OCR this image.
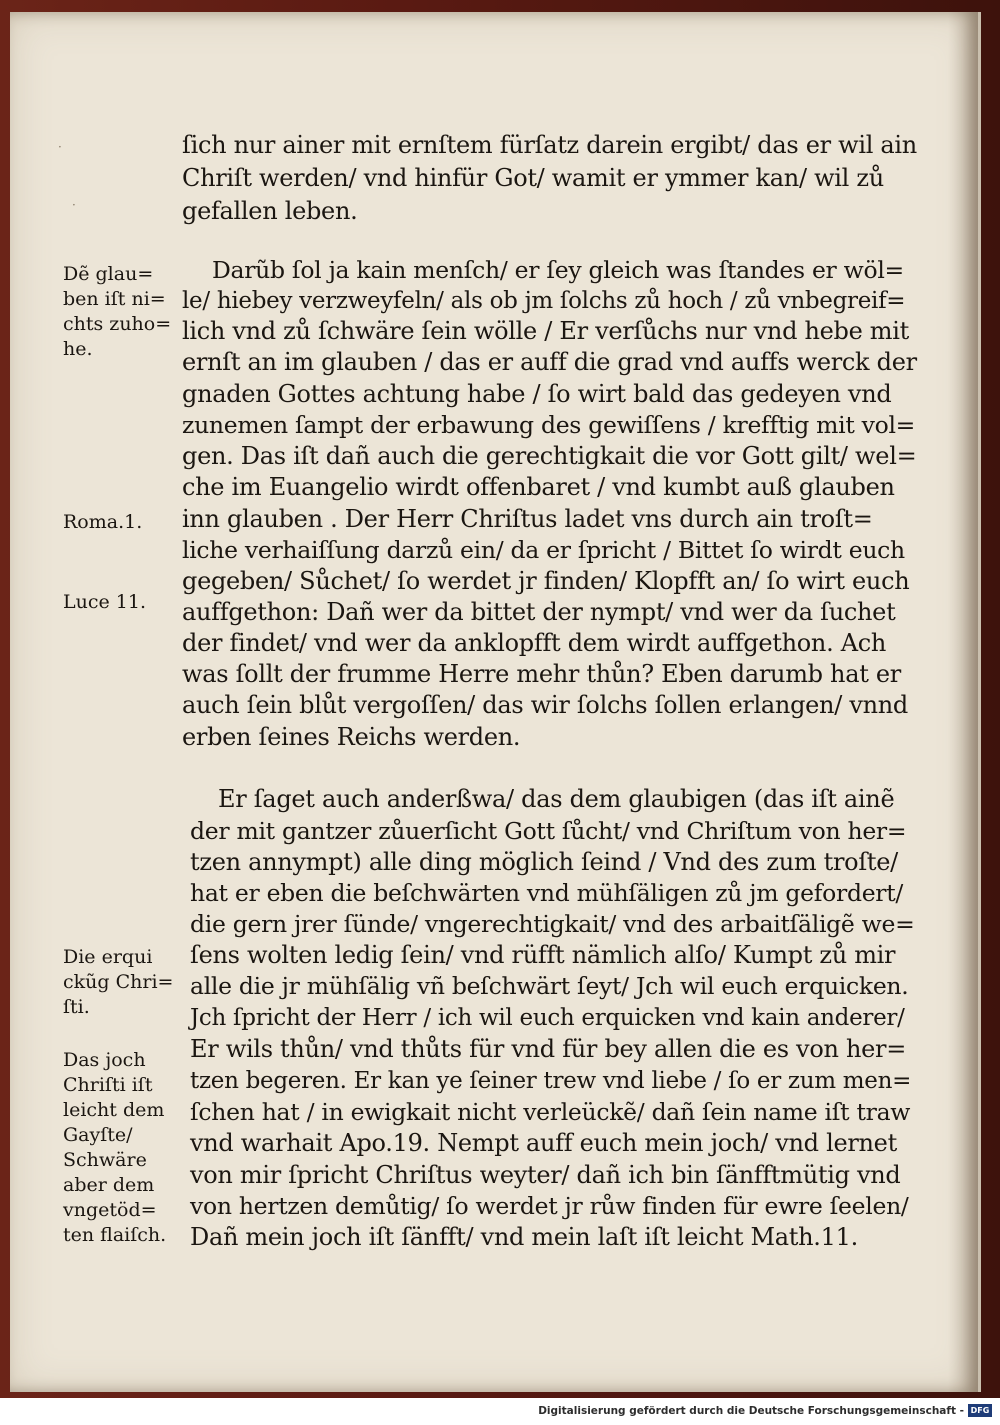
·
·
ſich nur ainer mit ernſtem fürſatz darein ergibt/ das er wil ain
Chriſt werden/ vnd hinfür Got/ wamit er ymmer kan/ wil zů
gefallen leben.
Darũb ſol ja kain menſch/ er ſey gleich was ſtandes er wöl=
le/ hiebey verzweyfeln/ als ob jm ſolchs zů hoch / zů vnbegreif=
lich vnd zů ſchwäre ſein wölle / Er verſůchs nur vnd hebe mit
ernſt an im glauben / das er auff die grad vnd auffs werck der
gnaden Gottes achtung habe / ſo wirt bald das gedeyen vnd
zunemen ſampt der erbawung des gewiſſens / krefftig mit vol=
gen. Das iſt dañ auch die gerechtigkait die vor Gott gilt/ wel=
che im Euangelio wirdt offenbaret / vnd kumbt auß glauben
inn glauben . Der Herr Chriſtus ladet vns durch ain troſt=
liche verhaiſſung darzů ein/ da er ſpricht / Bittet ſo wirdt euch
gegeben/ Sůchet/ ſo werdet jr finden/ Klopfft an/ ſo wirt euch
auffgethon: Dañ wer da bittet der nympt/ vnd wer da ſuchet
der findet/ vnd wer da anklopfft dem wirdt auffgethon. Ach
was ſollt der frumme Herre mehr thůn? Eben darumb hat er
auch ſein blůt vergoſſen/ das wir ſolchs ſollen erlangen/ vnnd
erben ſeines Reichs werden.
Er ſaget auch anderßwa/ das dem glaubigen (das iſt ainẽ
der mit gantzer zůuerſicht Gott ſůcht/ vnd Chriſtum von her=
tzen annympt) alle ding möglich ſeind / Vnd des zum troſte/
hat er eben die beſchwärten vnd mühſäligen zů jm gefordert/
die gern jrer ſünde/ vngerechtigkait/ vnd des arbaitſäligẽ we=
ſens wolten ledig ſein/ vnd rüfft nämlich alſo/ Kumpt zů mir
alle die jr mühſälig vñ beſchwärt ſeyt/ Jch wil euch erquicken.
Jch ſpricht der Herr / ich wil euch erquicken vnd kain anderer/
Er wils thůn/ vnd thůts für vnd für bey allen die es von her=
tzen begeren. Er kan ye ſeiner trew vnd liebe / ſo er zum men=
ſchen hat / in ewigkait nicht verleückẽ/ dañ ſein name iſt traw
vnd warhait Apo.19. Nempt auff euch mein joch/ vnd lernet
von mir ſpricht Chriſtus weyter/ dañ ich bin ſänfftmütig vnd
von hertzen demůtig/ ſo werdet jr růw finden für ewre ſeelen/
Dañ mein joch iſt ſänfft/ vnd mein laſt iſt leicht Math.11.
Dẽ glau=
ben iſt ni=
chts zuho=
he.
Roma.1.
Luce 11.
Die erqui
ckũg Chri=
ſti.
Das joch
Chriſti iſt
leicht dem
Gayſte/
Schwäre
aber dem
vngetöd=
ten flaiſch.
Digitalisierung gefördert durch die Deutsche Forschungsgemeinschaft - DFG
